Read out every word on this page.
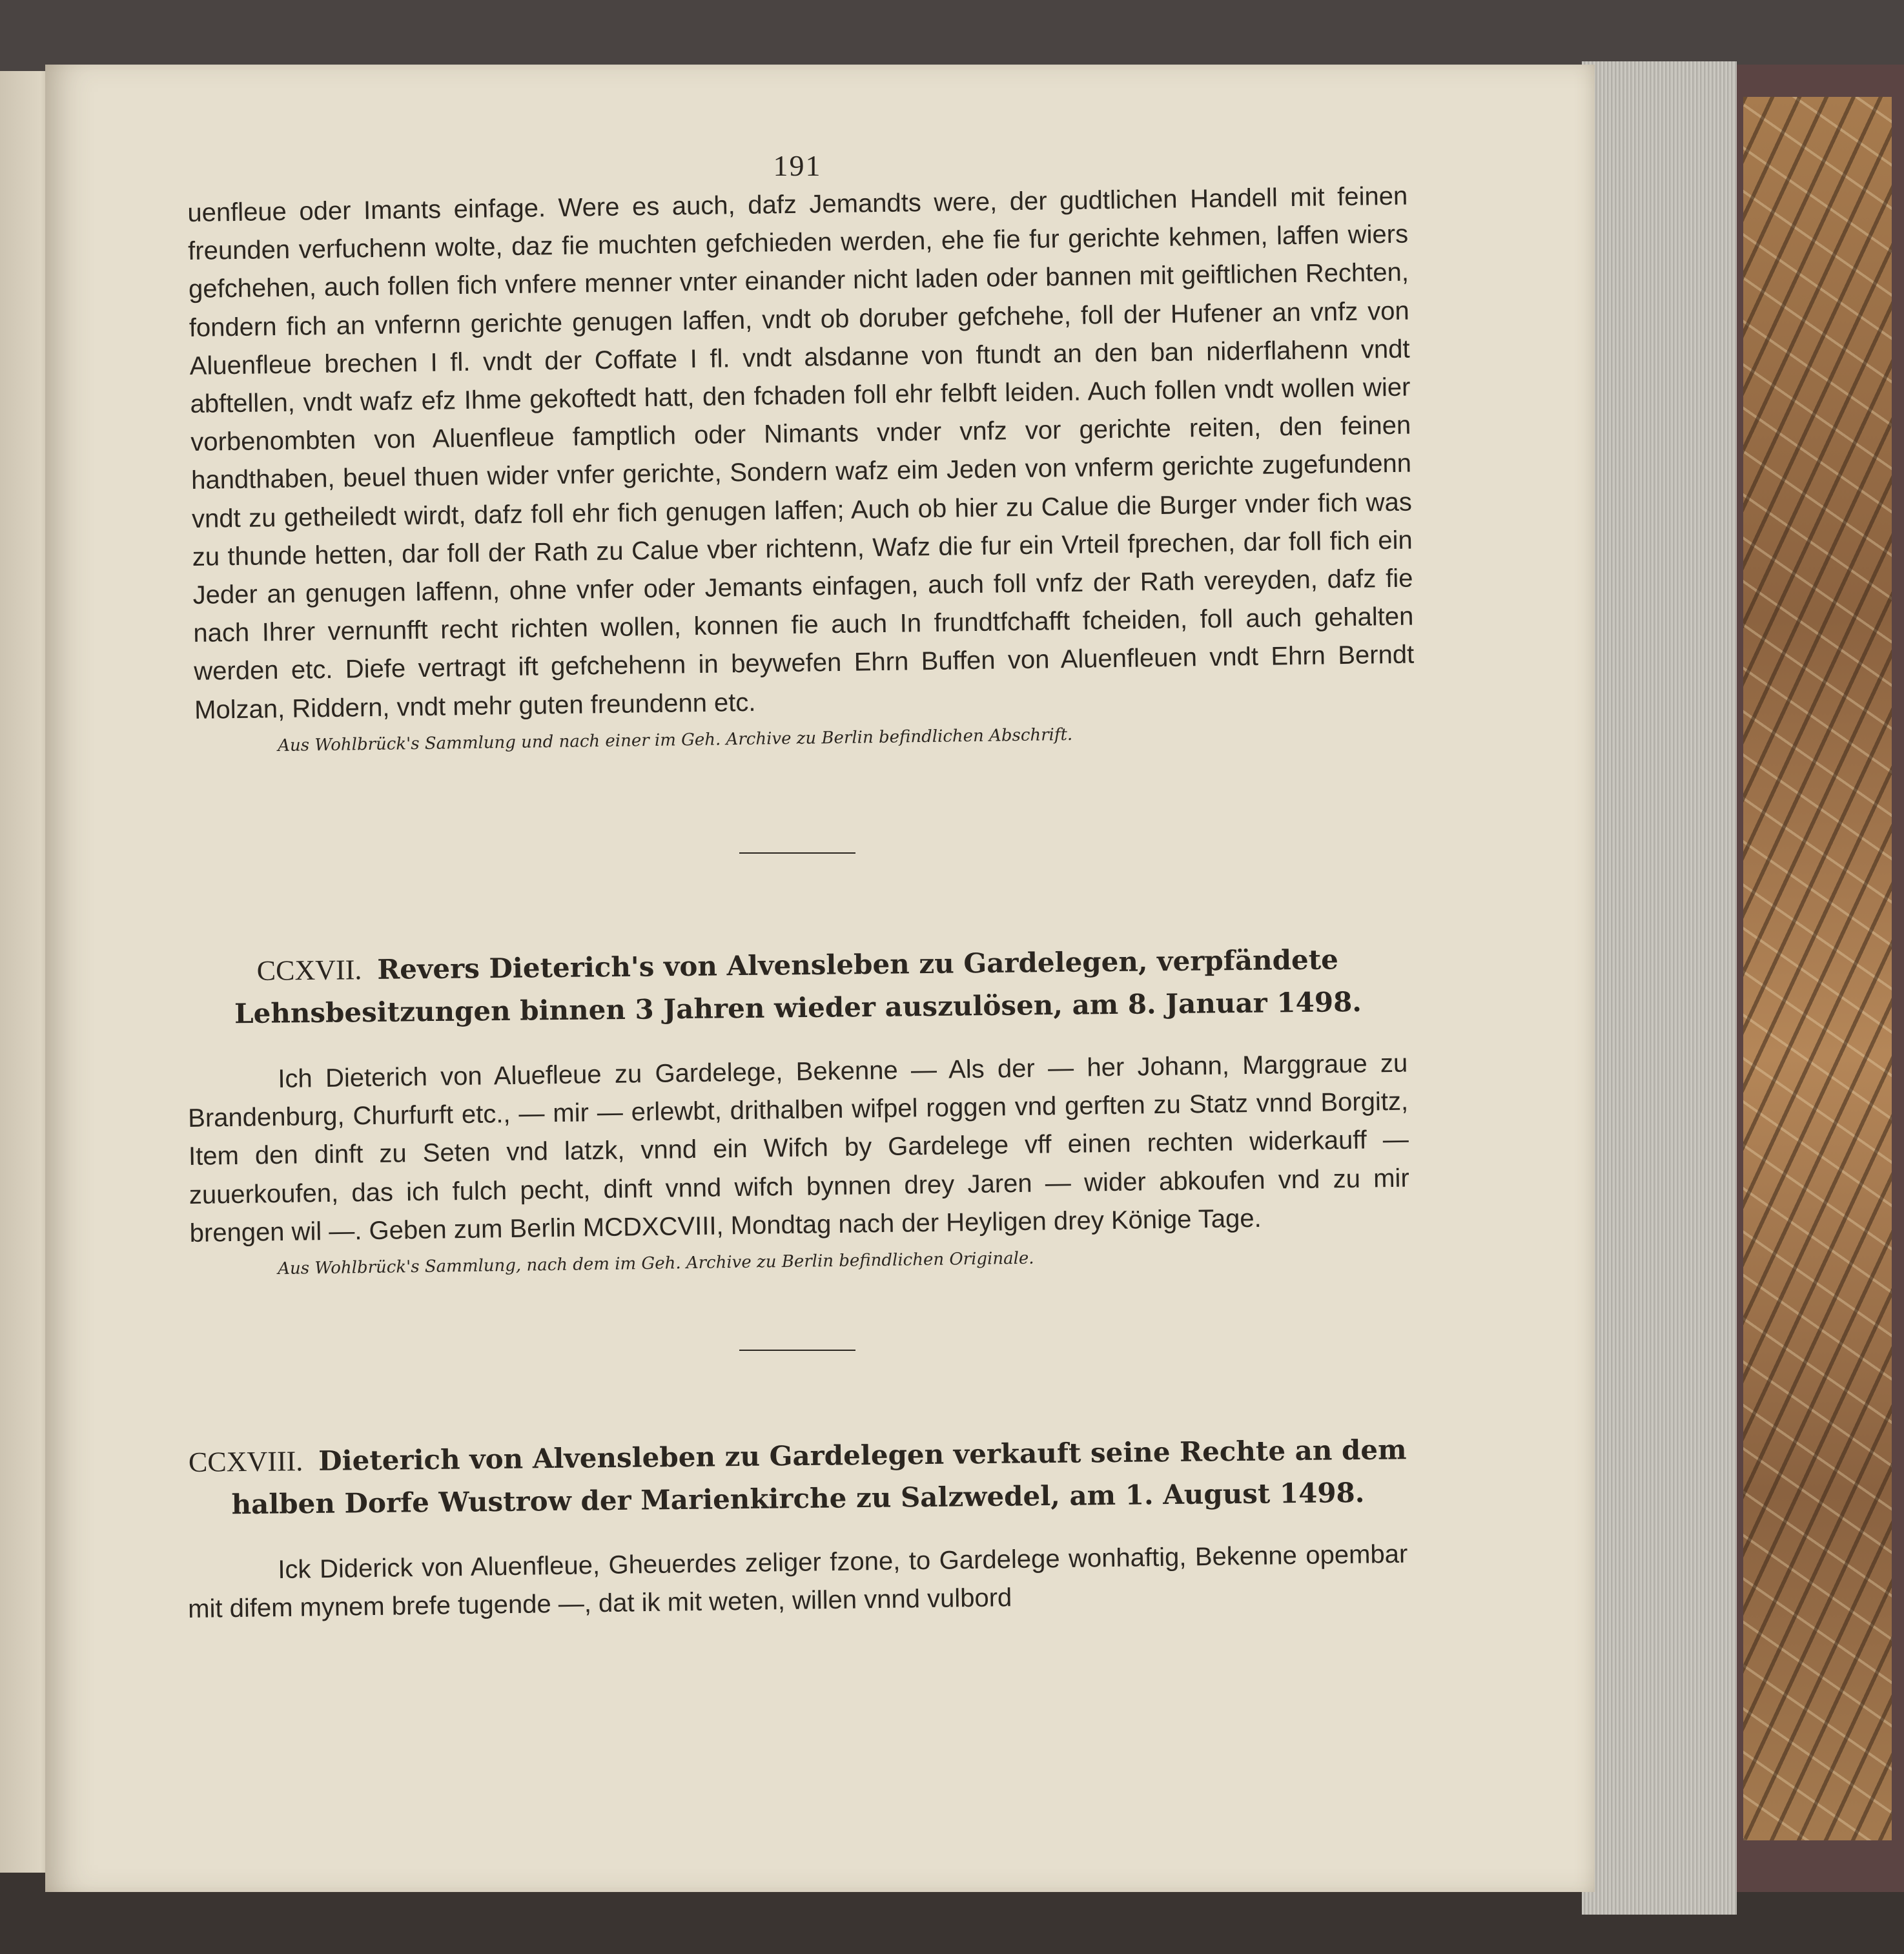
191

uenfleue oder Imants einfage. Were es auch, dafz Jemandts were, der gudtlichen Handell mit feinen freunden verfuchenn wolte, daz fie muchten gefchieden werden, ehe fie fur gerichte kehmen, laffen wiers gefchehen, auch follen fich vnfere menner vnter einander nicht laden oder bannen mit geiftlichen Rechten, fondern fich an vnfernn gerichte genugen laffen, vndt ob doruber gefchehe, foll der Hufener an vnfz von Aluenfleue brechen I fl. vndt der Coffate I fl. vndt alsdanne von ftundt an den ban niderflahenn vndt abftellen, vndt wafz efz Ihme gekoftedt hatt, den fchaden foll ehr felbft leiden. Auch follen vndt wollen wier vorbenombten von Aluenfleue famptlich oder Nimants vnder vnfz vor gerichte reiten, den feinen handthaben, beuel thuen wider vnfer gerichte, Sondern wafz eim Jeden von vnferm gerichte zugefundenn vndt zu getheiledt wirdt, dafz foll ehr fich genugen laffen; Auch ob hier zu Calue die Burger vnder fich was zu thunde hetten, dar foll der Rath zu Calue vber richtenn, Wafz die fur ein Vrteil fprechen, dar foll fich ein Jeder an genugen laffenn, ohne vnfer oder Jemants einfagen, auch foll vnfz der Rath vereyden, dafz fie nach Ihrer vernunfft recht richten wollen, konnen fie auch In frundtfchafft fcheiden, foll auch gehalten werden etc. Diefe vertragt ift gefchehenn in beywefen Ehrn Buffen von Aluenfleuen vndt Ehrn Berndt Molzan, Riddern, vndt mehr guten freundenn etc.

Aus Wohlbrück's Sammlung und nach einer im Geh. Archive zu Berlin befindlichen Abschrift.
CCXVII. Revers Dieterich's von Alvensleben zu Gardelegen, verpfändete Lehnsbesitzungen binnen 3 Jahren wieder auszulösen, am 8. Januar 1498.

Ich Dieterich von Aluefleue zu Gardelege, Bekenne — Als der — her Johann, Marggraue zu Brandenburg, Churfurft etc., — mir — erlewbt, drithalben wifpel roggen vnd gerften zu Statz vnnd Borgitz, Item den dinft zu Seten vnd latzk, vnnd ein Wifch by Gardelege vff einen rechten widerkauff — zuuerkoufen, das ich fulch pecht, dinft vnnd wifch bynnen drey Jaren — wider abkoufen vnd zu mir brengen wil —. Geben zum Berlin MCDXCVIII, Mondtag nach der Heyligen drey Könige Tage.

Aus Wohlbrück's Sammlung, nach dem im Geh. Archive zu Berlin befindlichen Originale.
CCXVIII. Dieterich von Alvensleben zu Gardelegen verkauft seine Rechte an dem halben Dorfe Wustrow der Marienkirche zu Salzwedel, am 1. August 1498.

Ick Diderick von Aluenfleue, Gheuerdes zeliger fzone, to Gardelege wonhaftig, Bekenne opembar mit difem mynem brefe tugende —, dat ik mit weten, willen vnnd vulbord
